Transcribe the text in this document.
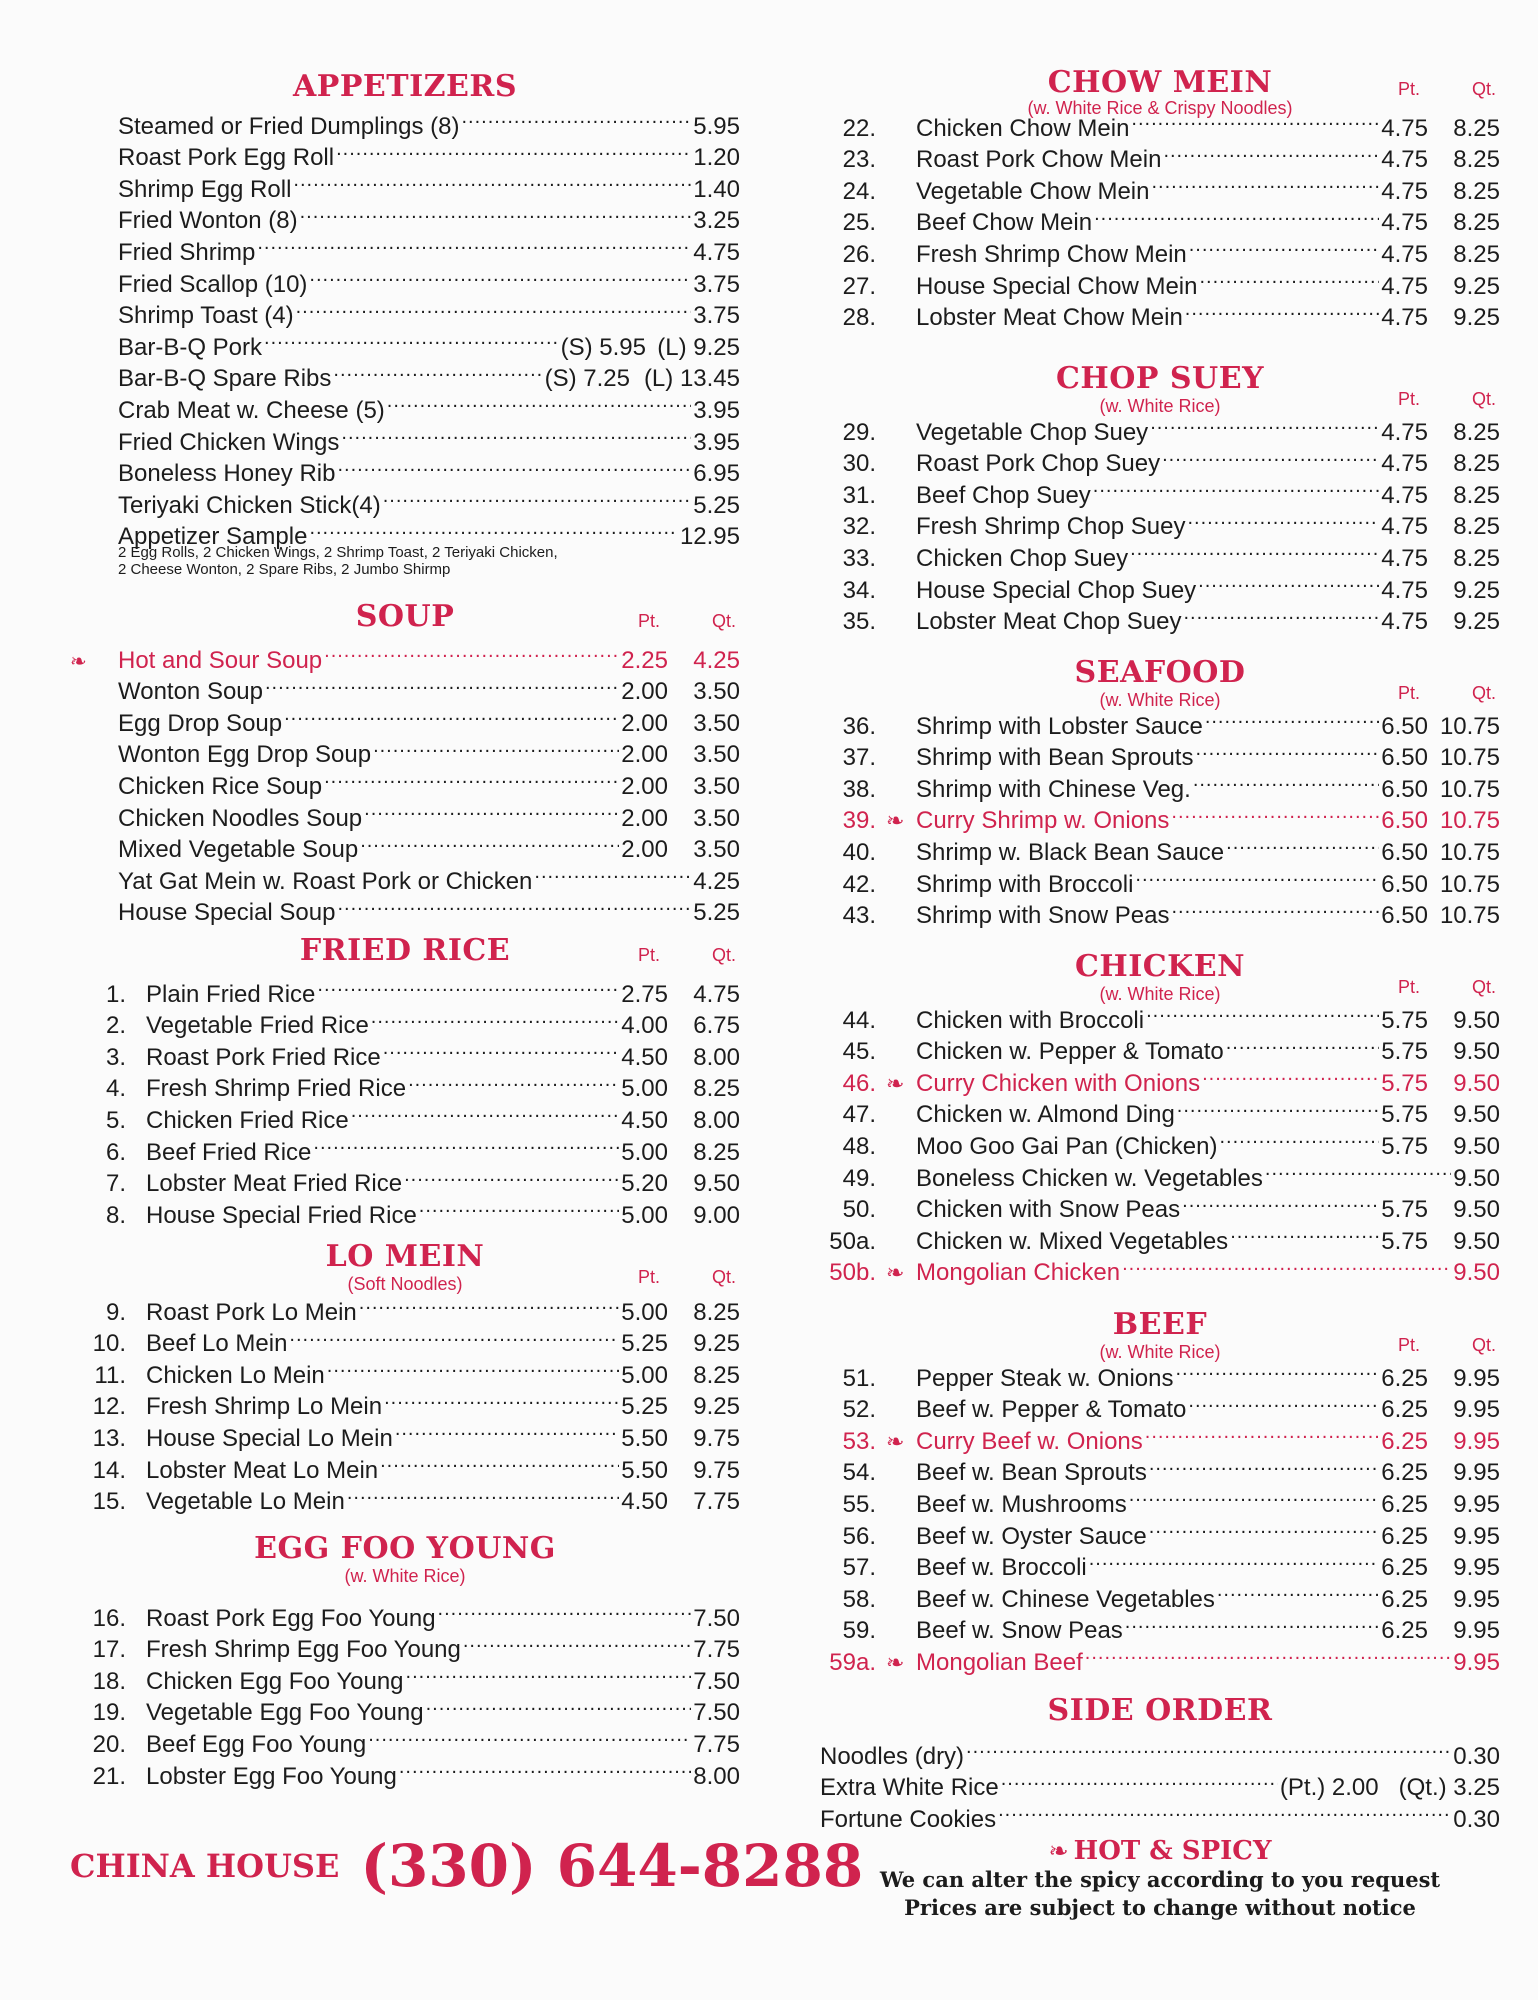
APPETIZERS
Steamed or Fried Dumplings (8) .....	5.95
Roast Pork Egg Roll .....	1.20
Shrimp Egg Roll .....	1.40
Fried Wonton (8) .....	3.25
Fried Shrimp .....	4.75
Fried Scallop (10) .....	3.75
Shrimp Toast (4) .....	3.75
Bar-B-Q Pork .....	(S) 5.95 (L) 9.25
Bar-B-Q Spare Ribs .....	(S) 7.25 (L) 13.45
Crab Meat w. Cheese (5) .....	3.95
Fried Chicken Wings .....	3.95
Boneless Honey Rib .....	6.95
Teriyaki Chicken Stick(4) .....	5.25
Appetizer Sample .....	12.95
2 Egg Rolls, 2 Chicken Wings, 2 Shrimp Toast, 2 Teriyaki Chicken,
2 Cheese Wonton, 2 Spare Ribs, 2 Jumbo Shirmp
SOUP	Pt.	Qt.
❧	Hot and Sour Soup .....	2.25	4.25
Wonton Soup .....	2.00	3.50
Egg Drop Soup .....	2.00	3.50
Wonton Egg Drop Soup .....	2.00	3.50
Chicken Rice Soup .....	2.00	3.50
Chicken Noodles Soup .....	2.00	3.50
Mixed Vegetable Soup .....	2.00	3.50
Yat Gat Mein w. Roast Pork or Chicken .....	4.25
House Special Soup .....	5.25
FRIED RICE	Pt.	Qt.
1. Plain Fried Rice .....	2.75	4.75
2. Vegetable Fried Rice .....	4.00	6.75
3. Roast Pork Fried Rice .....	4.50	8.00
4. Fresh Shrimp Fried Rice .....	5.00	8.25
5. Chicken Fried Rice .....	4.50	8.00
6. Beef Fried Rice .....	5.00	8.25
7. Lobster Meat Fried Rice .....	5.20	9.50
8. House Special Fried Rice .....	5.00	9.00
LO MEIN
(Soft Noodles)	Pt.	Qt.
9. Roast Pork Lo Mein .....	5.00	8.25
10. Beef Lo Mein .....	5.25	9.25
11. Chicken Lo Mein .....	5.00	8.25
12. Fresh Shrimp Lo Mein .....	5.25	9.25
13. House Special Lo Mein .....	5.50	9.75
14. Lobster Meat Lo Mein .....	5.50	9.75
15. Vegetable Lo Mein .....	4.50	7.75
EGG FOO YOUNG
(w. White Rice)
16. Roast Pork Egg Foo Young .....	7.50
17. Fresh Shrimp Egg Foo Young .....	7.75
18. Chicken Egg Foo Young .....	7.50
19. Vegetable Egg Foo Young .....	7.50
20. Beef Egg Foo Young .....	7.75
21. Lobster Egg Foo Young .....	8.00
CHOW MEIN
(w. White Rice & Crispy Noodles)
Pt.	Qt.
22.	Chicken Chow Mein .....	4.75	8.25
23.	Roast Pork Chow Mein .....	4.75	8.25
24.	Vegetable Chow Mein .....	4.75	8.25
25.	Beef Chow Mein .....	4.75	8.25
26.	Fresh Shrimp Chow Mein .....	4.75	8.25
27.	House Special Chow Mein .....	4.75	9.25
28.	Lobster Meat Chow Mein .....	4.75	9.25
CHOP SUEY
(w. White Rice)	Pt.	Qt.
29.	Vegetable Chop Suey .....	4.75	8.25
30.	Roast Pork Chop Suey .....	4.75	8.25
31.	Beef Chop Suey .....	4.75	8.25
32.	Fresh Shrimp Chop Suey .....	4.75	8.25
33.	Chicken Chop Suey .....	4.75	8.25
34.	House Special Chop Suey .....	4.75	9.25
35.	Lobster Meat Chop Suey .....	4.75	9.25
SEAFOOD
(w. White Rice)	Pt.	Qt.
36.	Shrimp with Lobster Sauce .....	6.50 10.75
37.	Shrimp with Bean Sprouts .....	6.50 10.75
38.	Shrimp with Chinese Veg. .....	6.50 10.75
39. ❧ Curry Shrimp w. Onions .....	6.50 10.75
40.	Shrimp w. Black Bean Sauce .....	6.50 10.75
42.	Shrimp with Broccoli .....	6.50 10.75
43.	Shrimp with Snow Peas .....	6.50 10.75
CHICKEN
(w. White Rice)	Pt.	Qt.
44.	Chicken with Broccoli .....	5.75	9.50
45.	Chicken w. Pepper & Tomato .....	5.75	9.50
46. ❧ Curry Chicken with Onions .....	5.75	9.50
47.	Chicken w. Almond Ding .....	5.75	9.50
48.	Moo Goo Gai Pan (Chicken) .....	5.75	9.50
49.	Boneless Chicken w. Vegetables .....	9.50
50.	Chicken with Snow Peas .....	5.75	9.50
50a.	Chicken w. Mixed Vegetables .....	5.75	9.50
50b. ❧ Mongolian Chicken .....	9.50
BEEF
(w. White Rice)	Pt.	Qt.
51.	Pepper Steak w. Onions .....	6.25	9.95
52.	Beef w. Pepper & Tomato .....	6.25	9.95
53. ❧ Curry Beef w. Onions .....	6.25	9.95
54.	Beef w. Bean Sprouts .....	6.25	9.95
55.	Beef w. Mushrooms .....	6.25	9.95
56.	Beef w. Oyster Sauce .....	6.25	9.95
57.	Beef w. Broccoli .....	6.25	9.95
58.	Beef w. Chinese Vegetables .....	6.25	9.95
59.	Beef w. Snow Peas .....	6.25	9.95
59a. ❧ Mongolian Beef .....	9.95
SIDE ORDER
Noodles (dry) .....	0.30
Extra White Rice .....	(Pt.) 2.00   (Qt.) 3.25
Fortune Cookies .....	0.30
CHINA HOUSE (330) 644-8288	❧ HOT & SPICY
We can alter the spicy according to you request
Prices are subject to change without notice
